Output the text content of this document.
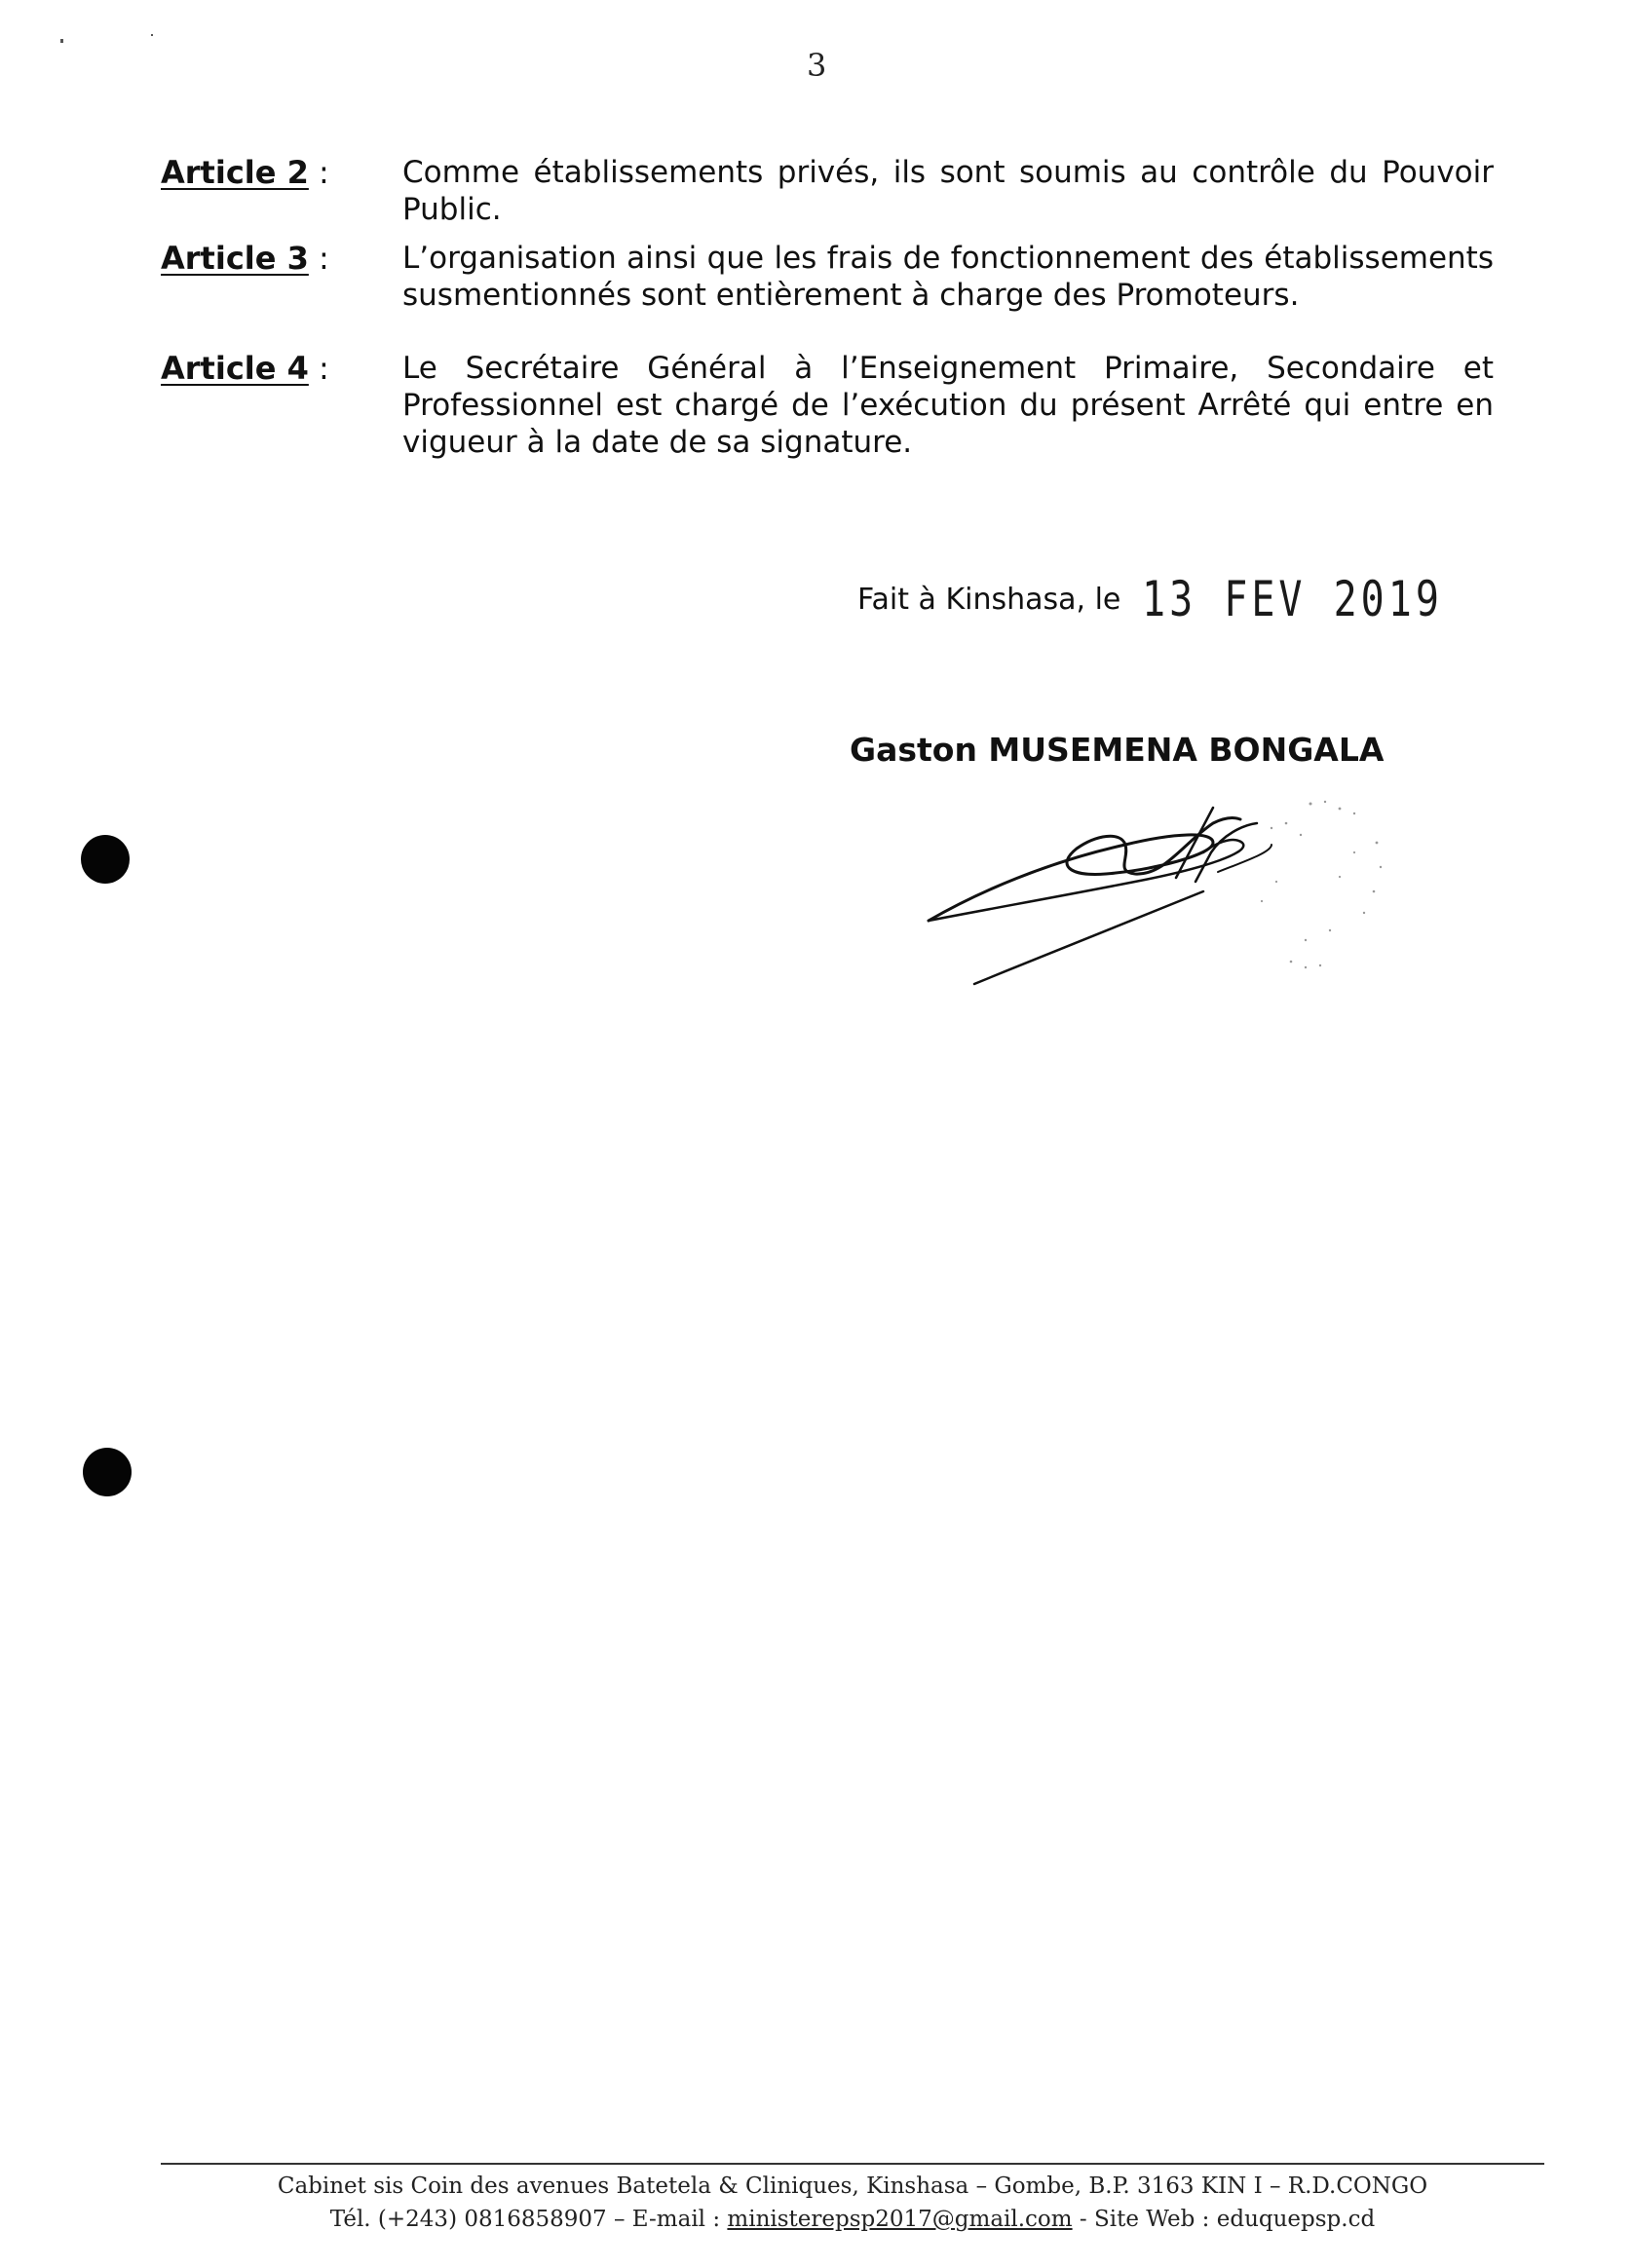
3
Article 2 : Comme établissements privés, ils sont soumis au contrôle du Pouvoir Public.
Article 3 : L’organisation ainsi que les frais de fonctionnement des établissements susmentionnés sont entièrement à charge des Promoteurs.
Article 4 : Le Secrétaire Général à l’Enseignement Primaire, Secondaire et Professionnel est chargé de l’exécution du présent Arrêté qui entre en vigueur à la date de sa signature.
Fait à Kinshasa, le 13 FEV 2019
Gaston MUSEMENA BONGALA
Cabinet sis Coin des avenues Batetela & Cliniques, Kinshasa – Gombe, B.P. 3163 KIN I – R.D.CONGO
Tél. (+243) 0816858907 – E-mail : ministerepsp2017@gmail.com - Site Web : eduquepsp.cd
